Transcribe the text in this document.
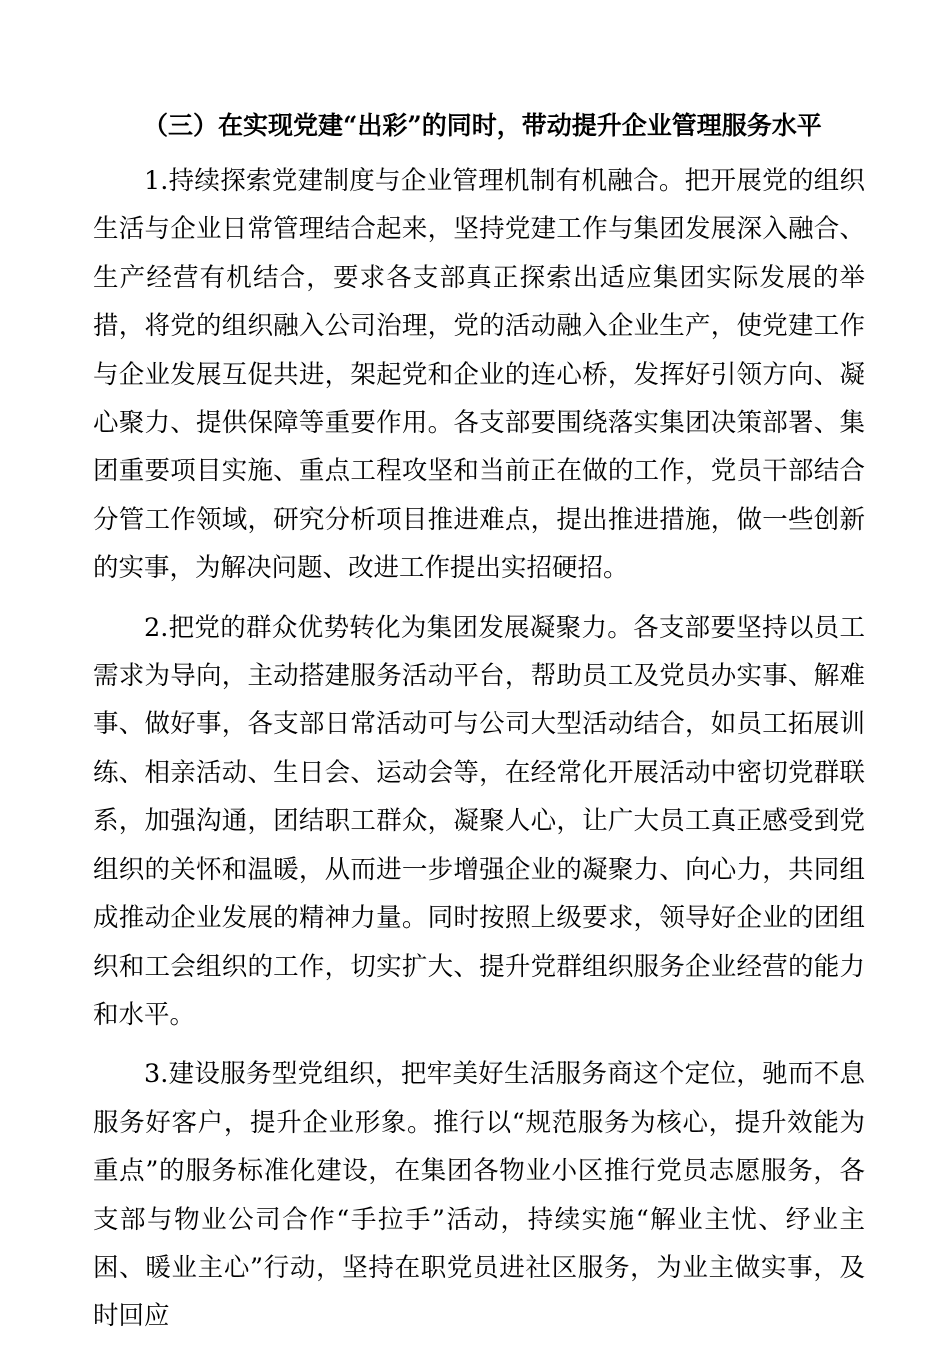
（三）在实现党建“出彩”的同时，带动提升企业管理服务水平

1.持续探索党建制度与企业管理机制有机融合。把开展党的组织生活与企业日常管理结合起来，坚持党建工作与集团发展深入融合、生产经营有机结合，要求各支部真正探索出适应集团实际发展的举措，将党的组织融入公司治理，党的活动融入企业生产，使党建工作与企业发展互促共进，架起党和企业的连心桥，发挥好引领方向、凝心聚力、提供保障等重要作用。各支部要围绕落实集团决策部署、集团重要项目实施、重点工程攻坚和当前正在做的工作，党员干部结合分管工作领域，研究分析项目推进难点，提出推进措施，做一些创新的实事，为解决问题、改进工作提出实招硬招。

2.把党的群众优势转化为集团发展凝聚力。各支部要坚持以员工需求为导向，主动搭建服务活动平台，帮助员工及党员办实事、解难事、做好事，各支部日常活动可与公司大型活动结合，如员工拓展训练、相亲活动、生日会、运动会等，在经常化开展活动中密切党群联系，加强沟通，团结职工群众，凝聚人心，让广大员工真正感受到党组织的关怀和温暖，从而进一步增强企业的凝聚力、向心力，共同组成推动企业发展的精神力量。同时按照上级要求，领导好企业的团组织和工会组织的工作，切实扩大、提升党群组织服务企业经营的能力和水平。

3.建设服务型党组织，把牢美好生活服务商这个定位，驰而不息服务好客户，提升企业形象。推行以“规范服务为核心，提升效能为重点”的服务标准化建设，在集团各物业小区推行党员志愿服务，各支部与物业公司合作“手拉手”活动，持续实施“解业主忧、纾业主困、暖业主心”行动，坚持在职党员进社区服务，为业主做实事，及时回应
